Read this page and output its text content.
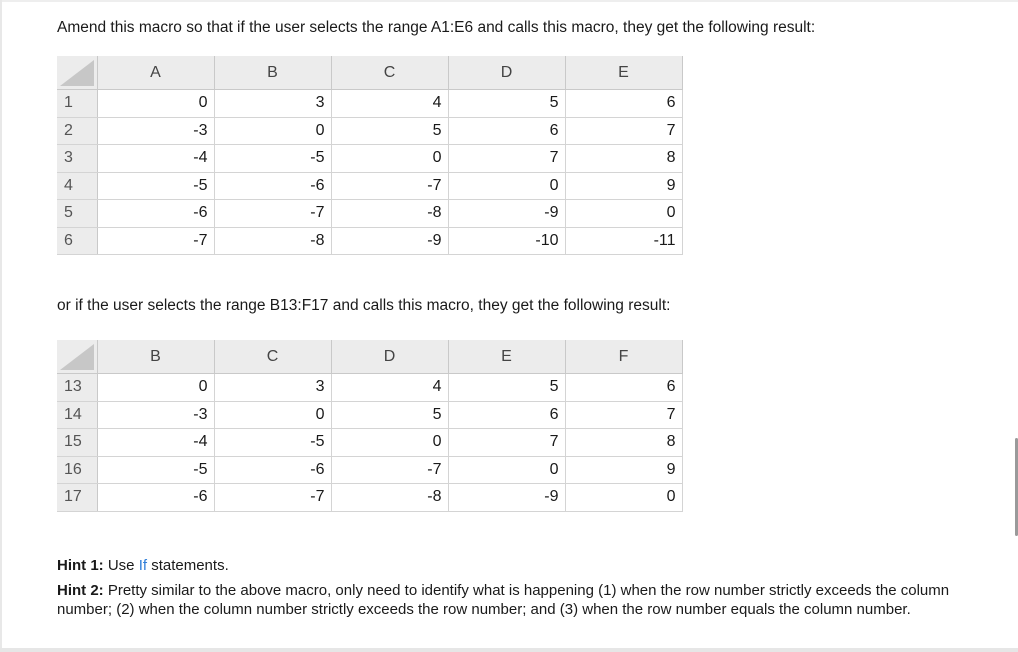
Amend this macro so that if the user selects the range A1:E6 and calls this macro, they get the following result:
	A	B	C	D	E
1	0	3	4	5	6
2	-3	0	5	6	7
3	-4	-5	0	7	8
4	-5	-6	-7	0	9
5	-6	-7	-8	-9	0
6	-7	-8	-9	-10	-11
or if the user selects the range B13:F17 and calls this macro, they get the following result:
	B	C	D	E	F
13	0	3	4	5	6
14	-3	0	5	6	7
15	-4	-5	0	7	8
16	-5	-6	-7	0	9
17	-6	-7	-8	-9	0
Hint 1: Use If statements.
Hint 2: Pretty similar to the above macro, only need to identify what is happening (1) when the row number strictly exceeds the column number; (2) when the column number strictly exceeds the row number; and (3) when the row number equals the column number.
